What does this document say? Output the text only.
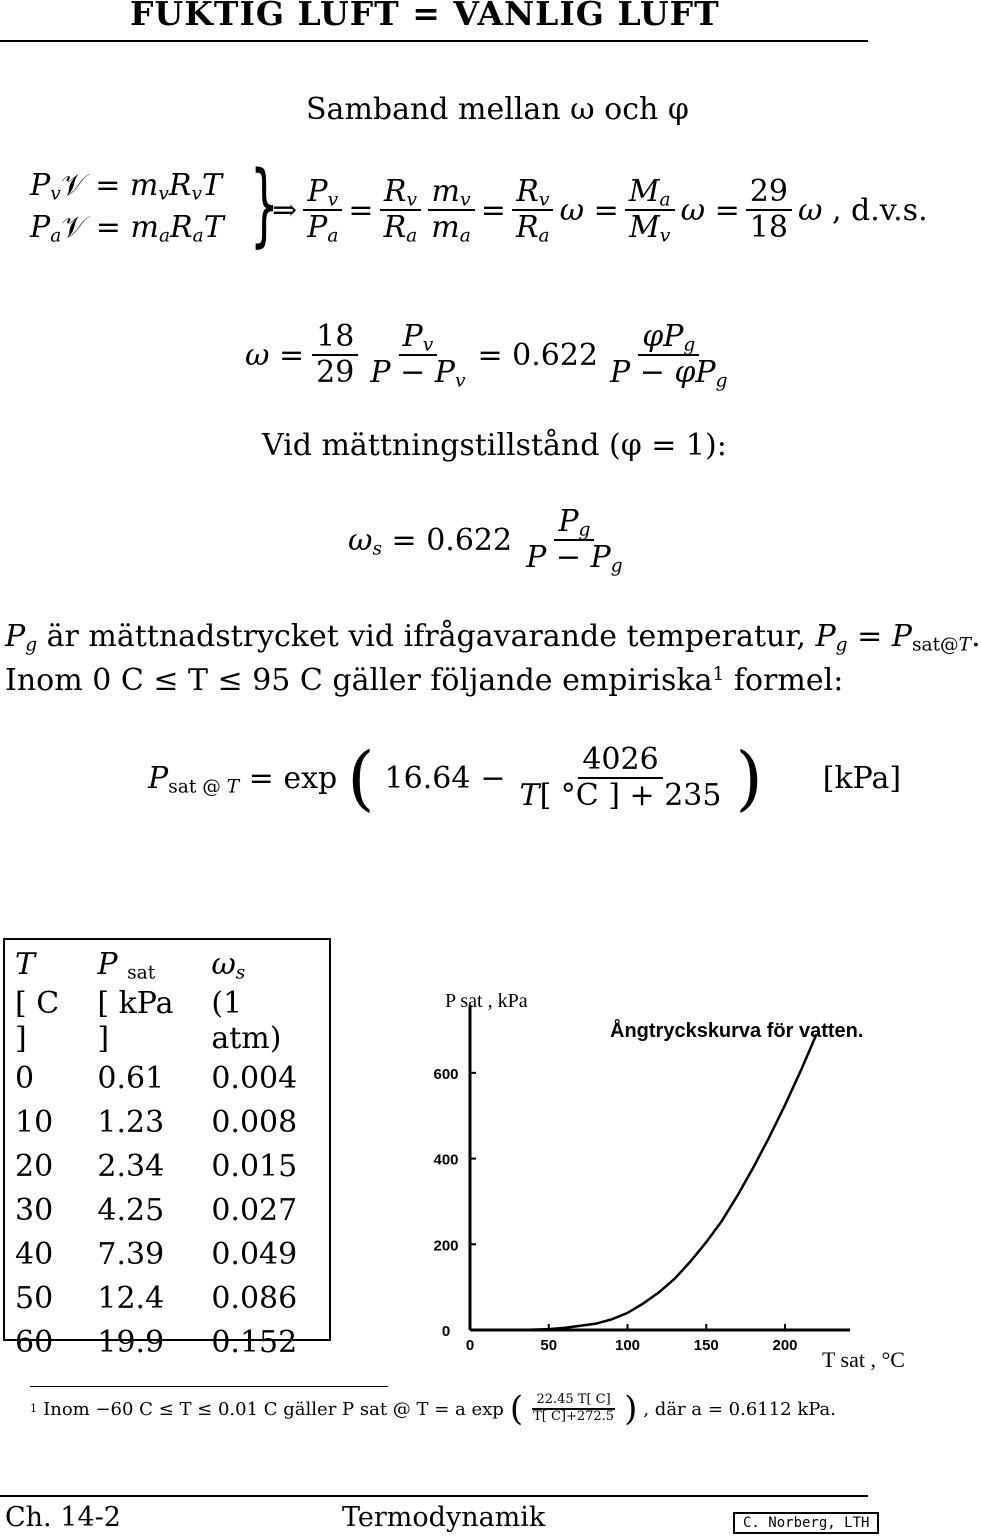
FUKTIG LUFT = VANLIG LUFT
Samband mellan ω och φ
$P_v𝒱 = m_vR_vT$
$P_a𝒱 = m_aR_aT$ }
⇒ $\frac{P_v}{P_a} = \frac{R_v}{R_a} \frac{m_v}{m_a} = \frac{R_v}{R_a}$ $\omega = \frac{M_a}{M_v}$ $\omega = \frac{29}{18}$ ω , d.v.s.
$\omega = \frac{18}{29} \frac{P_v}{P - P_v} = 0.622 \frac{\varphi P_g}{P - \varphi P_g}$
Vid mättningstillstånd (φ = 1):
$\omega_s = 0.622 \frac{P_g}{P - P_g}$
$P_g$ är mättnadstrycket vid ifrågavarande temperatur, $P_g = P_{sat@T}$.
Inom 0 C ≤ T ≤ 95 C gäller följande empiriska$^1$ formel:
$P_{sat @ T} = \exp$ ( $16.64 - \frac{4026}{T[ ^\circ C ] + 235}$ ) [kPa]
T	P $_{sat}$	$\omega_s$
[ C ]	[ kPa ]	(1 atm)
0	0.61	0.004
10	1.23	0.008
20	2.34	0.015
30	4.25	0.027
40	7.39	0.049
50	12.4	0.086
60	19.9	0.152	0
200
400
600
0	50	100	150	200
P sat , kPa
T sat , °C
Ångtryckskurva för vatten.
1 Inom −60 C ≤ T ≤ 0.01 C gäller P sat @ T = a exp ( $\frac{22.45 T[ C]}{T[ C]+272.5}$ ) , där a = 0.6112 kPa.
Ch. 14-2	Termodynamik	C. Norberg, LTH
